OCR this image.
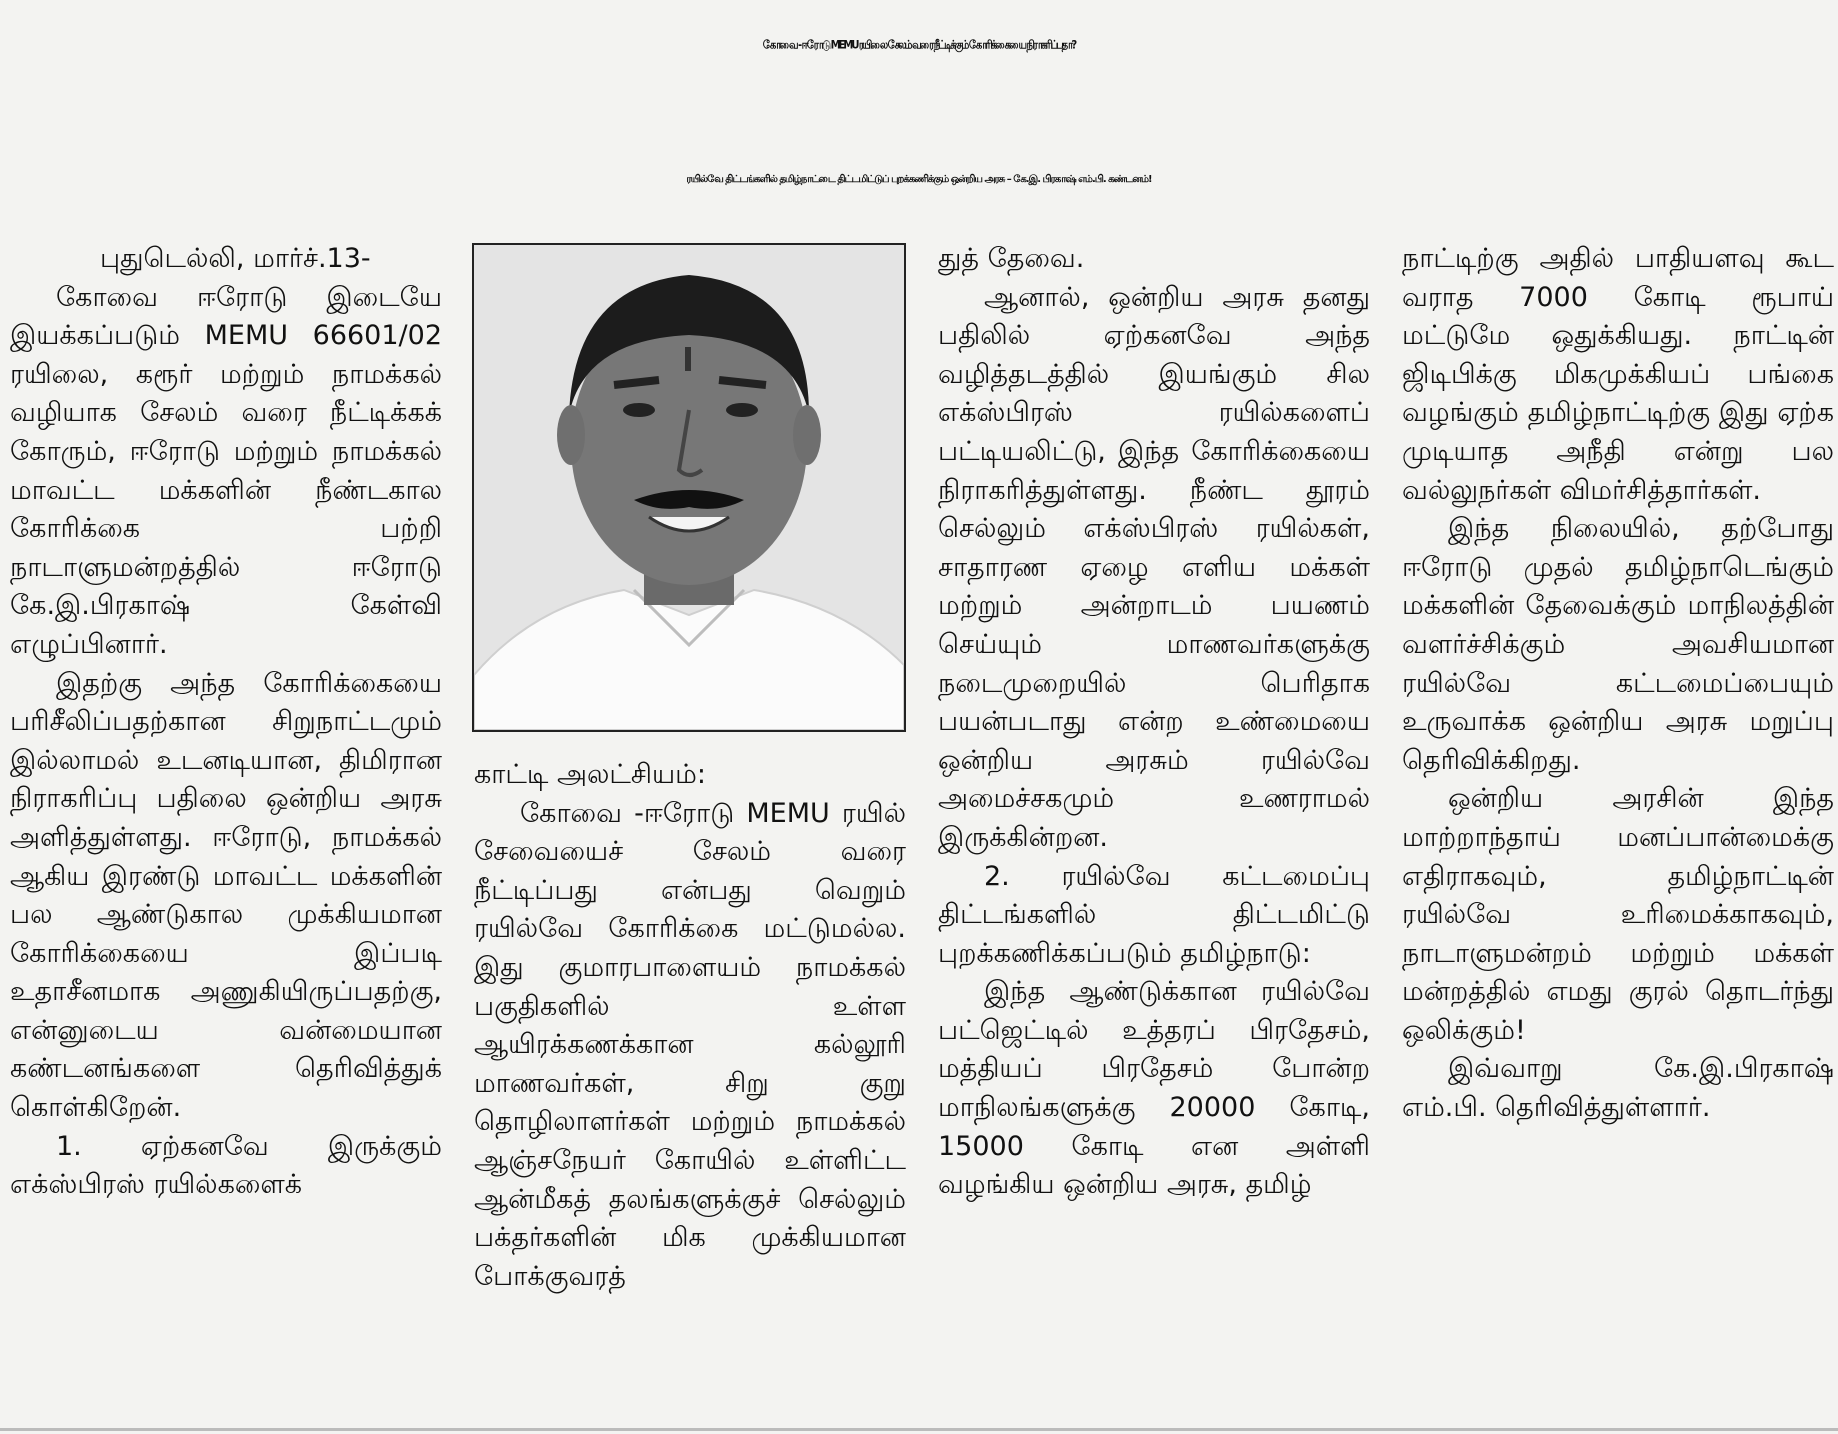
கோவை - ஈரோடு MEMU ரயிலை சேலம் வரை நீட்டிக்கும் கோரிக்கையை நிராகரிப்பதா?
ரயில்வே திட்டங்களில் தமிழ்நாட்டை திட்டமிட்டுப் புறக்கணிக்கும் ஒன்றிய அரசு – கே.இ. பிரகாஷ் எம்.பி. கண்டனம்!

புதுடெல்லி, மார்ச்.13-

கோவை ஈரோடு இடையே இயக்கப்படும் MEMU 66601/02 ரயிலை, கரூர் மற்றும் நாமக்கல் வழியாக சேலம் வரை நீட்டிக்கக் கோரும், ஈரோடு மற்றும் நாமக்கல் மாவட்ட மக்களின் நீண்டகால கோரிக்கை பற்றி நாடாளுமன்றத்தில் ஈரோடு கே.இ.பிரகாஷ் கேள்வி எழுப்பினார்.

இதற்கு அந்த கோரிக்கையை பரிசீலிப்பதற்கான சிறுநாட்டமும் இல்லாமல் உடனடியான, திமிரான நிராகரிப்பு பதிலை ஒன்றிய அரசு அளித்துள்ளது. ஈரோடு, நாமக்கல் ஆகிய இரண்டு மாவட்ட மக்களின் பல ஆண்டுகால முக்கியமான கோரிக்கையை இப்படி உதாசீனமாக அணுகியிருப்பதற்கு, என்னுடைய வன்மையான கண்டனங்களை தெரிவித்துக் கொள்கிறேன்.

1. ஏற்கனவே இருக்கும் எக்ஸ்பிரஸ் ரயில்களைக்

காட்டி அலட்சியம்:

கோவை -ஈரோடு MEMU ரயில் சேவையைச் சேலம் வரை நீட்டிப்பது என்பது வெறும் ரயில்வே கோரிக்கை மட்டுமல்ல. இது குமாரபாளையம் நாமக்கல் பகுதிகளில் உள்ள ஆயிரக்கணக்கான கல்லூரி மாணவர்கள், சிறு குறு தொழிலாளர்கள் மற்றும் நாமக்கல் ஆஞ்சநேயர் கோயில் உள்ளிட்ட ஆன்மீகத் தலங்களுக்குச் செல்லும் பக்தர்களின் மிக முக்கியமான போக்குவரத்

துத் தேவை.

ஆனால், ஒன்றிய அரசு தனது பதிலில் ஏற்கனவே அந்த வழித்தடத்தில் இயங்கும் சில எக்ஸ்பிரஸ் ரயில்களைப் பட்டியலிட்டு, இந்த கோரிக்கையை நிராகரித்துள்ளது. நீண்ட தூரம் செல்லும் எக்ஸ்பிரஸ் ரயில்கள், சாதாரண ஏழை எளிய மக்கள் மற்றும் அன்றாடம் பயணம் செய்யும் மாணவர்களுக்கு நடைமுறையில் பெரிதாக பயன்படாது என்ற உண்மையை ஒன்றிய அரசும் ரயில்வே அமைச்சகமும் உணராமல் இருக்கின்றன.

2. ரயில்வே கட்டமைப்பு திட்டங்களில் திட்டமிட்டு புறக்கணிக்கப்படும் தமிழ்நாடு:

இந்த ஆண்டுக்கான ரயில்வே பட்ஜெட்டில் உத்தரப் பிரதேசம், மத்தியப் பிரதேசம் போன்ற மாநிலங்களுக்கு 20000 கோடி, 15000 கோடி என அள்ளி வழங்கிய ஒன்றிய அரசு, தமிழ்

நாட்டிற்கு அதில் பாதியளவு கூட வராத 7000 கோடி ரூபாய் மட்டுமே ஒதுக்கியது. நாட்டின் ஜிடிபிக்கு மிகமுக்கியப் பங்கை வழங்கும் தமிழ்நாட்டிற்கு இது ஏற்க முடியாத அநீதி என்று பல வல்லுநர்கள் விமர்சித்தார்கள்.

இந்த நிலையில், தற்போது ஈரோடு முதல் தமிழ்நாடெங்கும் மக்களின் தேவைக்கும் மாநிலத்தின் வளர்ச்சிக்கும் அவசியமான ரயில்வே கட்டமைப்பையும் உருவாக்க ஒன்றிய அரசு மறுப்பு தெரிவிக்கிறது.

ஒன்றிய அரசின் இந்த மாற்றாந்தாய் மனப்பான்மைக்கு எதிராகவும், தமிழ்நாட்டின் ரயில்வே உரிமைக்காகவும், நாடாளுமன்றம் மற்றும் மக்கள் மன்றத்தில் எமது குரல் தொடர்ந்து ஒலிக்கும்!

இவ்வாறு கே.இ.பிரகாஷ் எம்.பி. தெரிவித்துள்ளார்.
